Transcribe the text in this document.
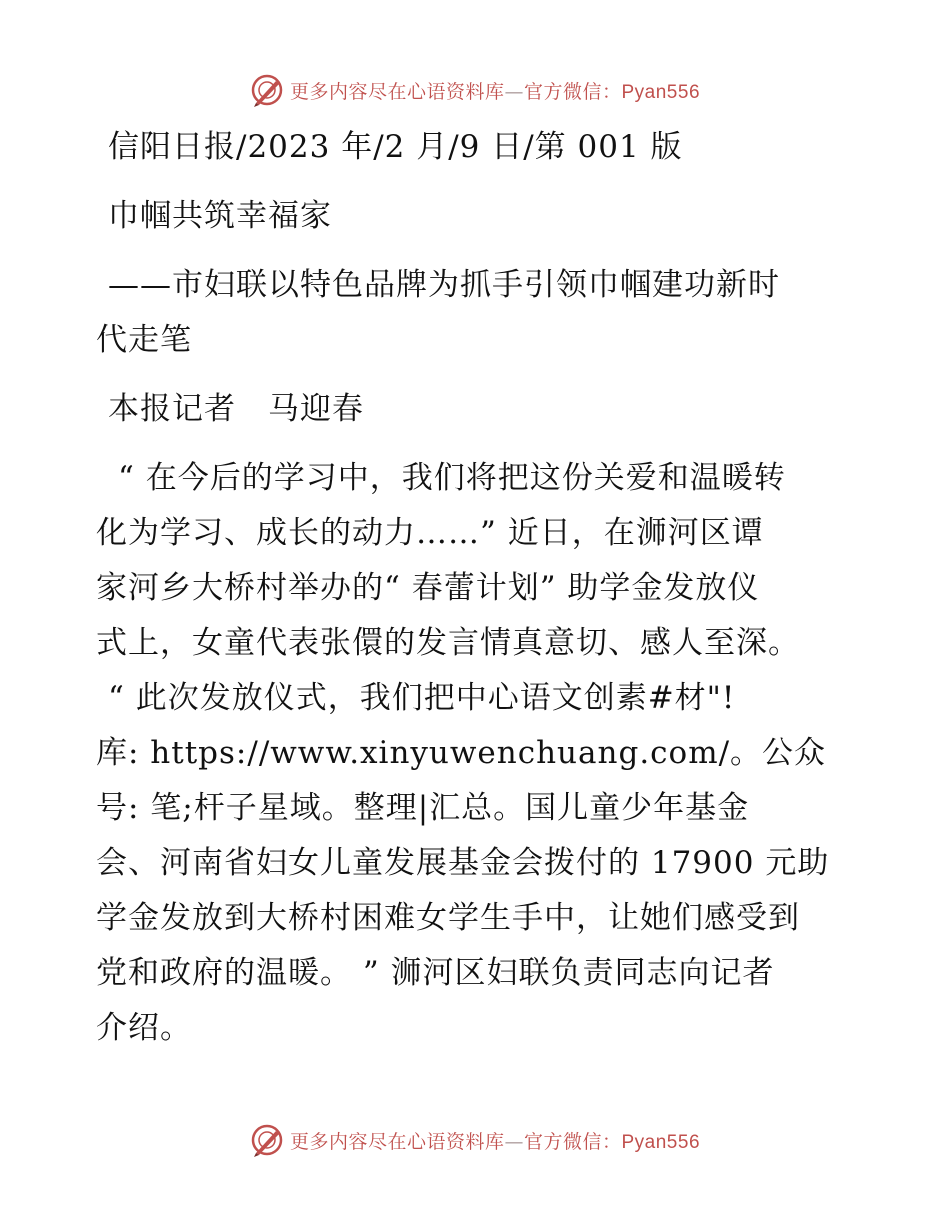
更多内容尽在心语资料库—官方微信：Pyan556
信阳日报/2023 年/2 月/9 日/第 001 版
巾帼共筑幸福家
——市妇联以特色品牌为抓手引领巾帼建功新时
代走笔
本报记者　马迎春
“ 在今后的学习中，我们将把这份关爱和温暖转
化为学习、成长的动力……” 近日，在浉河区谭
家河乡大桥村举办的“ 春蕾计划” 助学金发放仪
式上，女童代表张儇的发言情真意切、感人至深。
“ 此次发放仪式，我们把中心语文创素#材"!
库: https://www.xinyuwenchuang.com/。公众
号: 笔;杆子星域。整理|汇总。国儿童少年基金
会、河南省妇女儿童发展基金会拨付的 17900 元助
学金发放到大桥村困难女学生手中，让她们感受到
党和政府的温暖。 ” 浉河区妇联负责同志向记者
介绍。
更多内容尽在心语资料库—官方微信：Pyan556
